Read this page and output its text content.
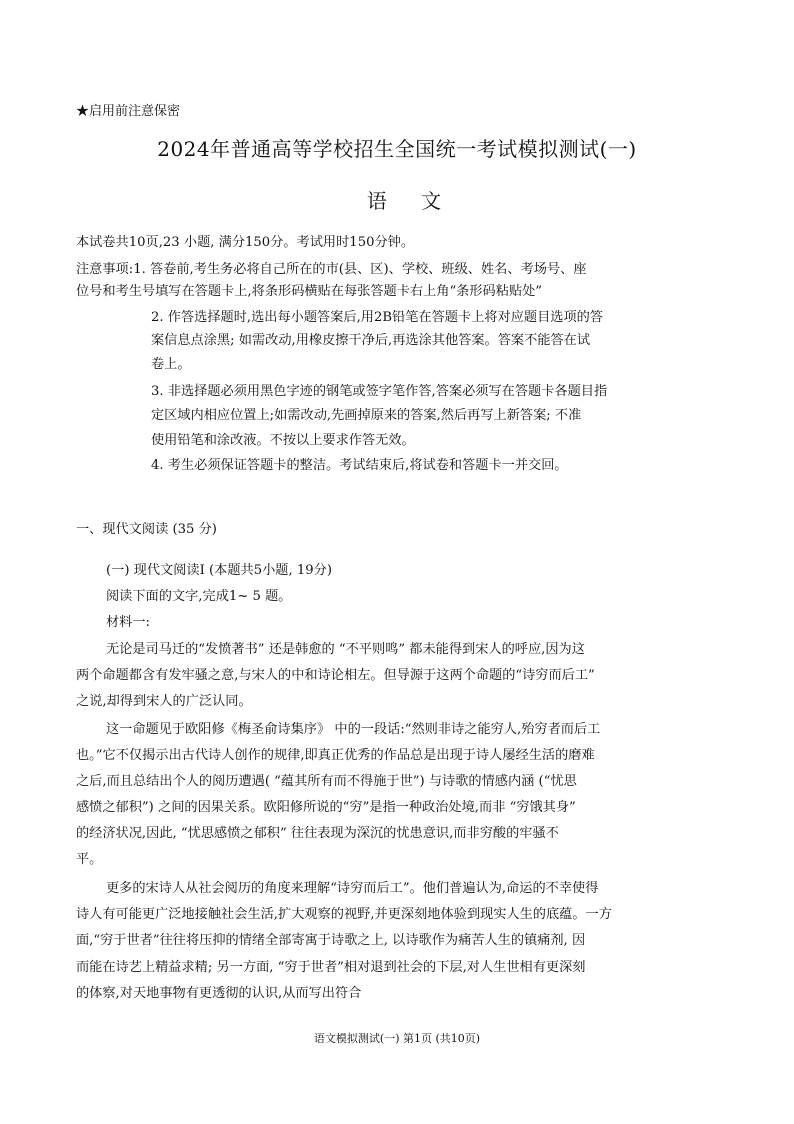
★启用前注意保密
2024年普通高等学校招生全国统一考试模拟测试(一)
语 文
本试卷共10页,23 小题, 满分150分。考试用时150分钟。
注意事项:1. 答卷前,考生务必将自己所在的市(县、区)、学校、班级、姓名、考场号、座
位号和考生号填写在答题卡上,将条形码横贴在每张答题卡右上角“条形码粘贴处”
2. 作答选择题时,选出每小题答案后,用2B铅笔在答题卡上将对应题目选项的答
案信息点涂黑; 如需改动,用橡皮擦干净后,再选涂其他答案。答案不能答在试
卷上。
3. 非选择题必须用黑色字迹的钢笔或签字笔作答,答案必须写在答题卡各题目指
定区域内相应位置上;如需改动,先画掉原来的答案,然后再写上新答案; 不准
使用铅笔和涂改液。不按以上要求作答无效。
4. 考生必须保证答题卡的整洁。考试结束后,将试卷和答题卡一并交回。
一、现代文阅读 (35 分)
(一) 现代文阅读Ⅰ (本题共5小题, 19分)
阅读下面的文字,完成1~ 5 题。
材料一:
无论是司马迁的“发愤著书” 还是韩愈的 “不平则鸣” 都未能得到宋人的呼应,因为这
两个命题都含有发牢骚之意,与宋人的中和诗论相左。但导源于这两个命题的“诗穷而后工”
之说,却得到宋人的广泛认同。
这一命题见于欧阳修《梅圣俞诗集序》 中的一段话:“然则非诗之能穷人,殆穷者而后工
也。”它不仅揭示出古代诗人创作的规律,即真正优秀的作品总是出现于诗人屡经生活的磨难
之后,而且总结出个人的阅历遭遇( “蕴其所有而不得施于世”) 与诗歌的情感内涵 (“忧思
感愤之郁积”) 之间的因果关系。欧阳修所说的“穷”是指一种政治处境,而非 “穷饿其身”
的经济状况,因此, “忧思感愤之郁积” 往往表现为深沉的忧患意识,而非穷酸的牢骚不
平。
更多的宋诗人从社会阅历的角度来理解“诗穷而后工”。他们普遍认为,命运的不幸使得
诗人有可能更广泛地接触社会生活,扩大观察的视野,并更深刻地体验到现实人生的底蕴。一方
面,“穷于世者”往往将压抑的情绪全部寄寓于诗歌之上, 以诗歌作为痛苦人生的镇痛剂, 因
而能在诗艺上精益求精; 另一方面, “穷于世者”相对退到社会的下层,对人生世相有更深刻
的体察,对天地事物有更透彻的认识,从而写出符合
语文模拟测试(一) 第1页 (共10页)
